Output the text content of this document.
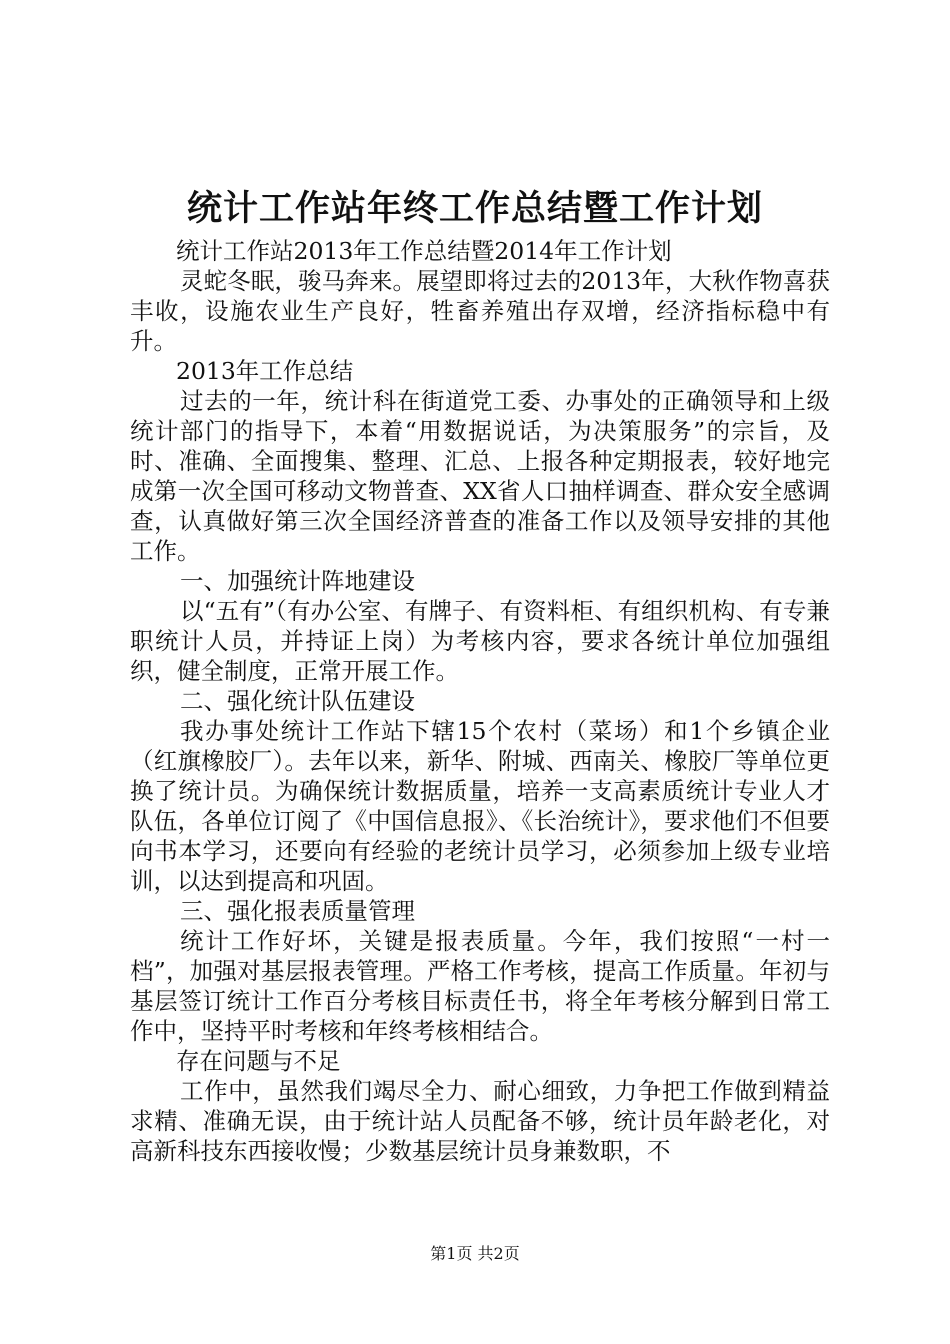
统计工作站年终工作总结暨工作计划

统计工作站2013年工作总结暨2014年工作计划

灵蛇冬眠，骏马奔来。展望即将过去的2013年，大秋作物喜获丰收，设施农业生产良好，牲畜养殖出存双增，经济指标稳中有升。

2013年工作总结

过去的一年，统计科在街道党工委、办事处的正确领导和上级统计部门的指导下，本着“用数据说话，为决策服务”的宗旨，及时、准确、全面搜集、整理、汇总、上报各种定期报表，较好地完成第一次全国可移动文物普查、XX省人口抽样调查、群众安全感调查，认真做好第三次全国经济普查的准备工作以及领导安排的其他工作。

一、加强统计阵地建设

以“五有”（有办公室、有牌子、有资料柜、有组织机构、有专兼职统计人员，并持证上岗）为考核内容，要求各统计单位加强组织，健全制度，正常开展工作。

二、强化统计队伍建设

我办事处统计工作站下辖15个农村（菜场）和1个乡镇企业（红旗橡胶厂）。去年以来，新华、附城、西南关、橡胶厂等单位更换了统计员。为确保统计数据质量，培养一支高素质统计专业人才队伍，各单位订阅了《中国信息报》、《长治统计》，要求他们不但要向书本学习，还要向有经验的老统计员学习，必须参加上级专业培训，以达到提高和巩固。

三、强化报表质量管理

统计工作好坏，关键是报表质量。今年，我们按照“一村一档”，加强对基层报表管理。严格工作考核，提高工作质量。年初与基层签订统计工作百分考核目标责任书，将全年考核分解到日常工作中，坚持平时考核和年终考核相结合。

存在问题与不足

工作中，虽然我们竭尽全力、耐心细致，力争把工作做到精益求精、准确无误，由于统计站人员配备不够，统计员年龄老化，对高新科技东西接收慢；少数基层统计员身兼数职，不

第1页 共2页
